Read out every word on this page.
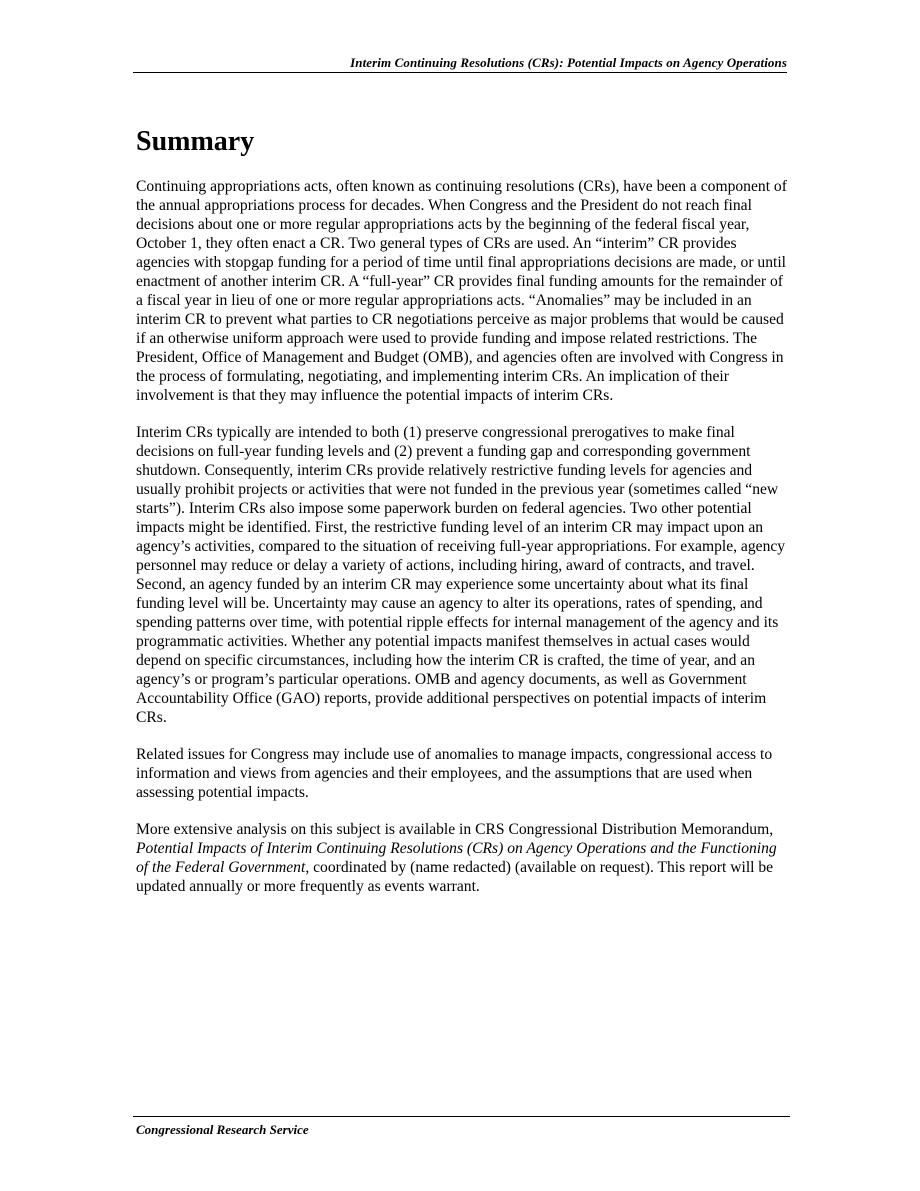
Interim Continuing Resolutions (CRs): Potential Impacts on Agency Operations
Summary

Continuing appropriations acts, often known as continuing resolutions (CRs), have been a component of the annual appropriations process for decades. When Congress and the President do not reach final decisions about one or more regular appropriations acts by the beginning of the federal fiscal year, October 1, they often enact a CR. Two general types of CRs are used. An “interim” CR provides agencies with stopgap funding for a period of time until final appropriations decisions are made, or until enactment of another interim CR. A “full-year” CR provides final funding amounts for the remainder of a fiscal year in lieu of one or more regular appropriations acts. “Anomalies” may be included in an interim CR to prevent what parties to CR negotiations perceive as major problems that would be caused if an otherwise uniform approach were used to provide funding and impose related restrictions. The President, Office of Management and Budget (OMB), and agencies often are involved with Congress in the process of formulating, negotiating, and implementing interim CRs. An implication of their involvement is that they may influence the potential impacts of interim CRs.

Interim CRs typically are intended to both (1) preserve congressional prerogatives to make final decisions on full-year funding levels and (2) prevent a funding gap and corresponding government shutdown. Consequently, interim CRs provide relatively restrictive funding levels for agencies and usually prohibit projects or activities that were not funded in the previous year (sometimes called “new starts”). Interim CRs also impose some paperwork burden on federal agencies. Two other potential impacts might be identified. First, the restrictive funding level of an interim CR may impact upon an agency’s activities, compared to the situation of receiving full-year appropriations. For example, agency personnel may reduce or delay a variety of actions, including hiring, award of contracts, and travel. Second, an agency funded by an interim CR may experience some uncertainty about what its final funding level will be. Uncertainty may cause an agency to alter its operations, rates of spending, and spending patterns over time, with potential ripple effects for internal management of the agency and its programmatic activities. Whether any potential impacts manifest themselves in actual cases would depend on specific circumstances, including how the interim CR is crafted, the time of year, and an agency’s or program’s particular operations. OMB and agency documents, as well as Government Accountability Office (GAO) reports, provide additional perspectives on potential impacts of interim CRs.

Related issues for Congress may include use of anomalies to manage impacts, congressional access to information and views from agencies and their employees, and the assumptions that are used when assessing potential impacts.

More extensive analysis on this subject is available in CRS Congressional Distribution Memorandum, Potential Impacts of Interim Continuing Resolutions (CRs) on Agency Operations and the Functioning of the Federal Government, coordinated by (name redacted) (available on request). This report will be updated annually or more frequently as events warrant.

Congressional Research Service
